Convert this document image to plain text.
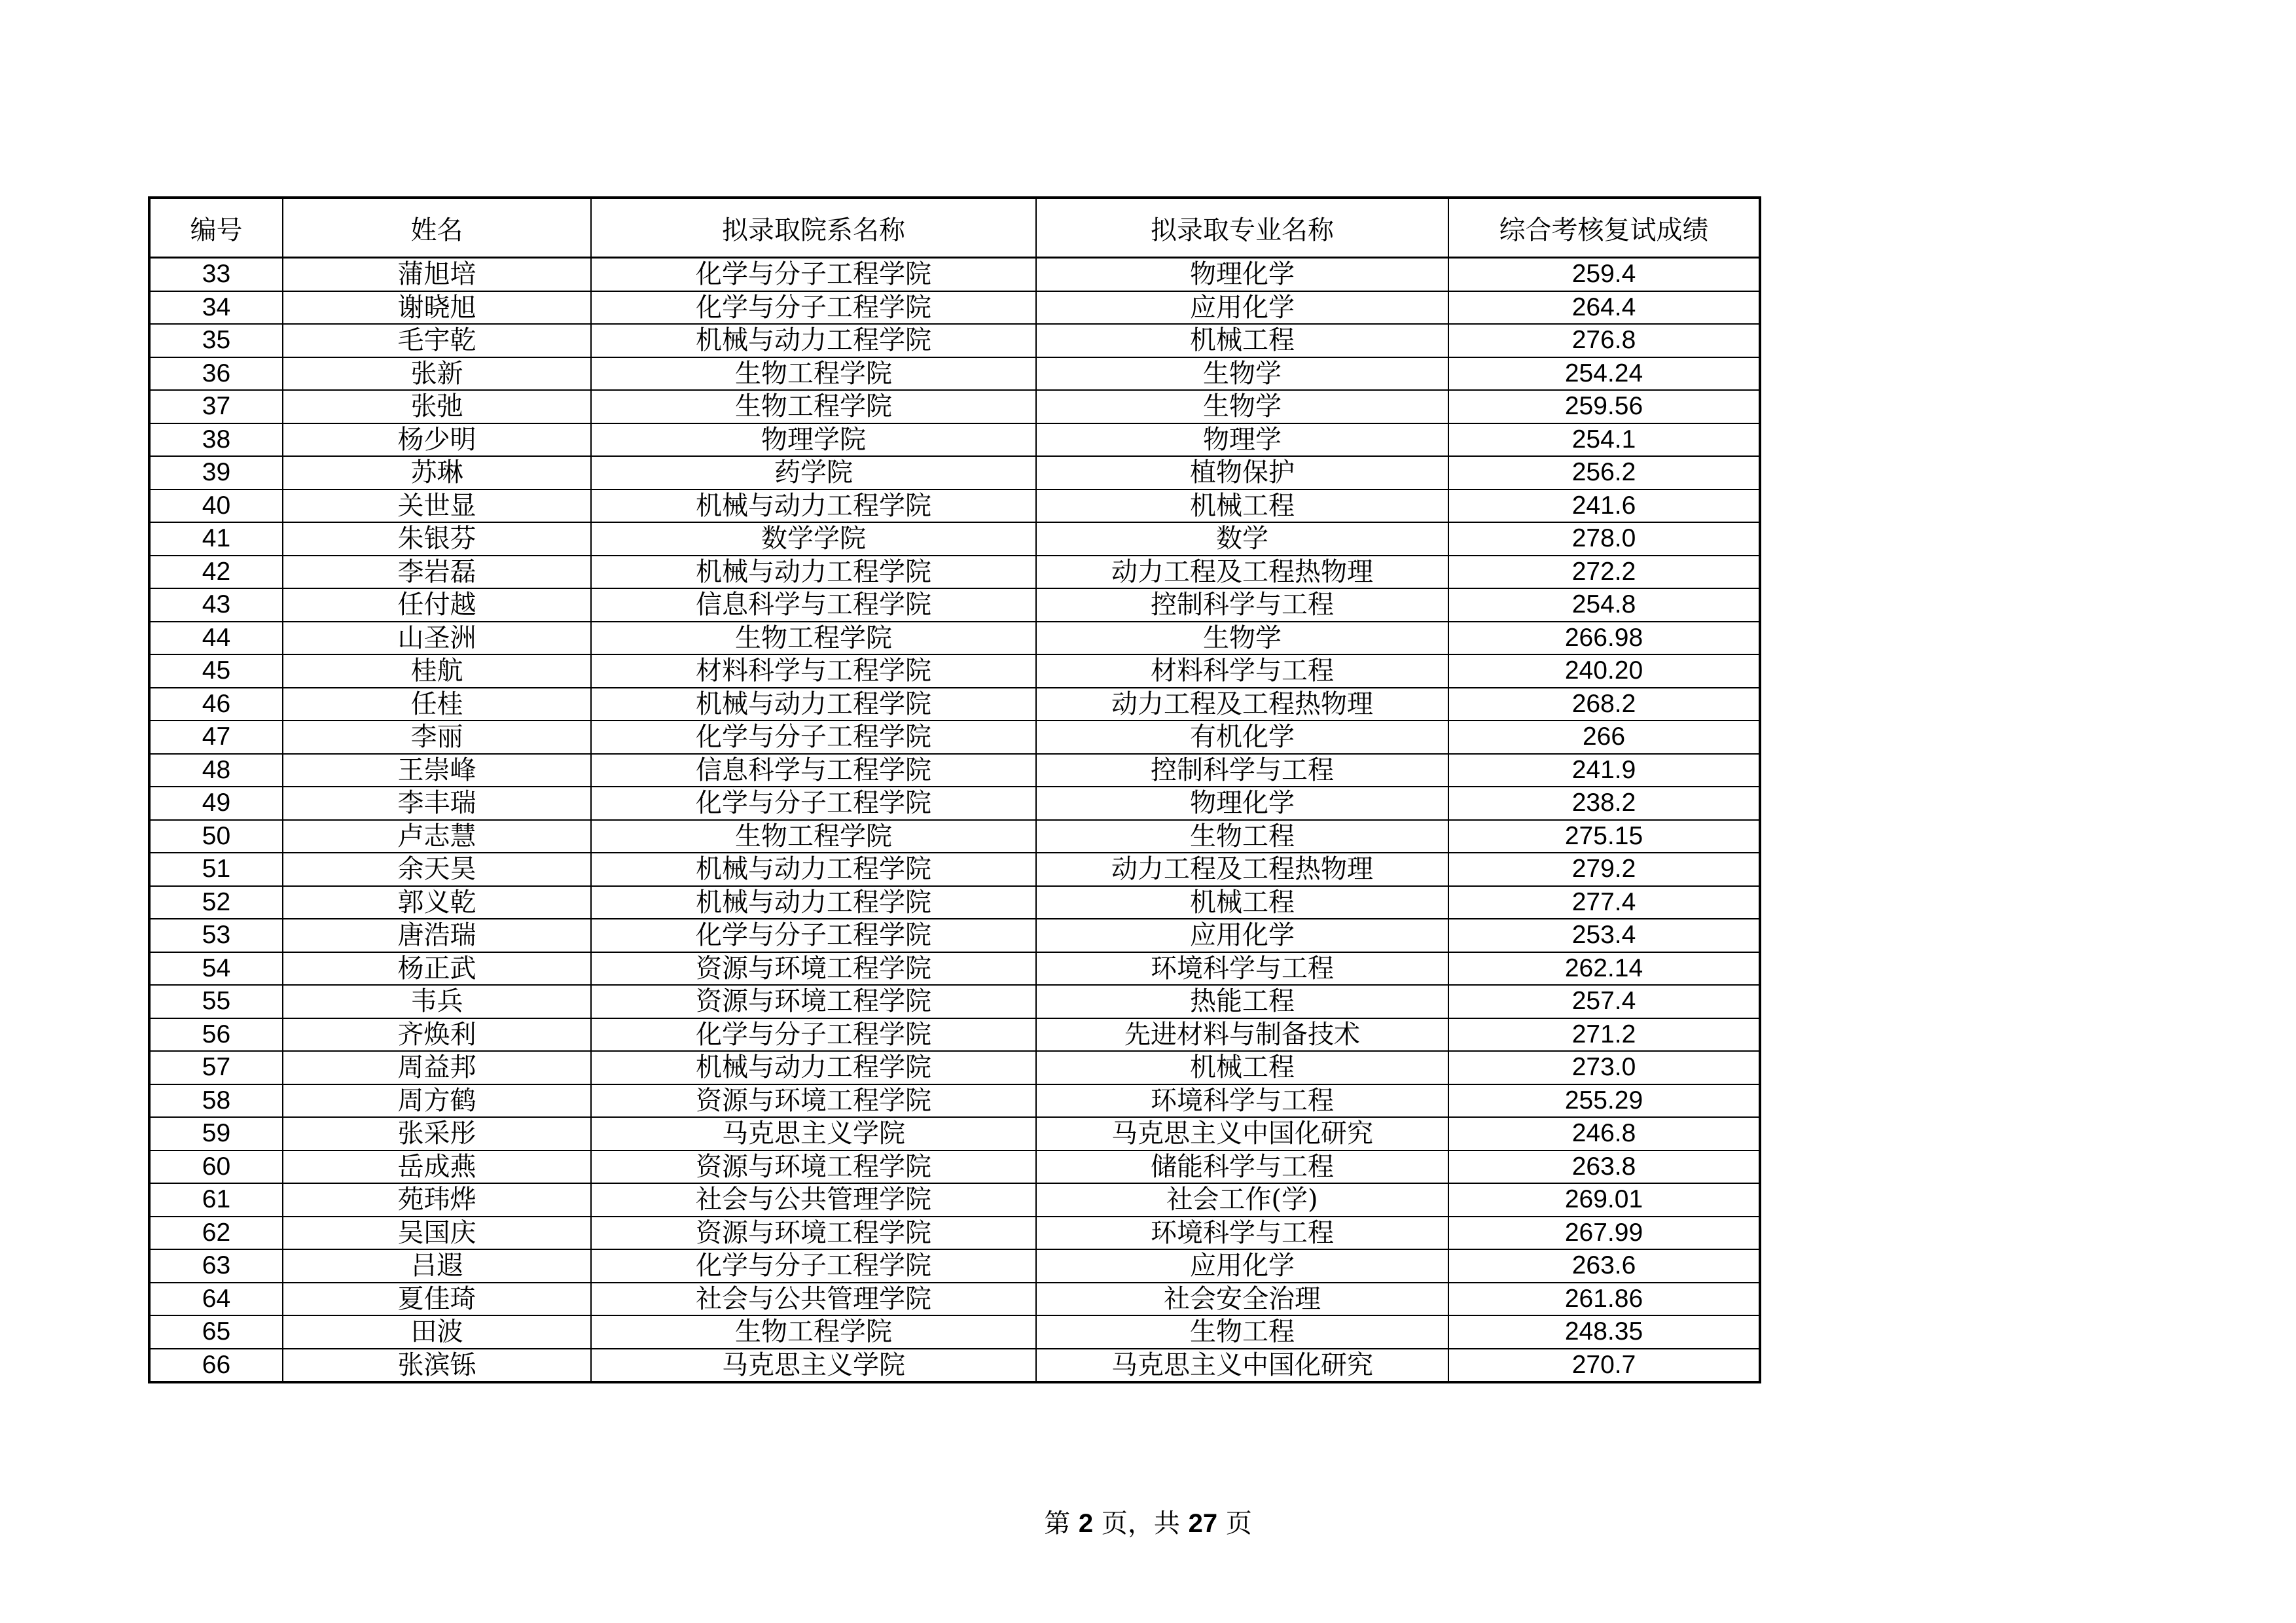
编号	姓名	拟录取院系名称	拟录取专业名称	综合考核复试成绩
33	蒲旭培	化学与分子工程学院	物理化学	259.4
34	谢晓旭	化学与分子工程学院	应用化学	264.4
35	毛宇乾	机械与动力工程学院	机械工程	276.8
36	张新	生物工程学院	生物学	254.24
37	张弛	生物工程学院	生物学	259.56
38	杨少明	物理学院	物理学	254.1
39	苏琳	药学院	植物保护	256.2
40	关世显	机械与动力工程学院	机械工程	241.6
41	朱银芬	数学学院	数学	278.0
42	李岩磊	机械与动力工程学院	动力工程及工程热物理	272.2
43	任付越	信息科学与工程学院	控制科学与工程	254.8
44	山圣洲	生物工程学院	生物学	266.98
45	桂航	材料科学与工程学院	材料科学与工程	240.20
46	任桂	机械与动力工程学院	动力工程及工程热物理	268.2
47	李丽	化学与分子工程学院	有机化学	266
48	王崇峰	信息科学与工程学院	控制科学与工程	241.9
49	李丰瑞	化学与分子工程学院	物理化学	238.2
50	卢志慧	生物工程学院	生物工程	275.15
51	余天昊	机械与动力工程学院	动力工程及工程热物理	279.2
52	郭义乾	机械与动力工程学院	机械工程	277.4
53	唐浩瑞	化学与分子工程学院	应用化学	253.4
54	杨正武	资源与环境工程学院	环境科学与工程	262.14
55	韦兵	资源与环境工程学院	热能工程	257.4
56	齐焕利	化学与分子工程学院	先进材料与制备技术	271.2
57	周益邦	机械与动力工程学院	机械工程	273.0
58	周方鹤	资源与环境工程学院	环境科学与工程	255.29
59	张采彤	马克思主义学院	马克思主义中国化研究	246.8
60	岳成燕	资源与环境工程学院	储能科学与工程	263.8
61	苑玮烨	社会与公共管理学院	社会工作(学)	269.01
62	吴国庆	资源与环境工程学院	环境科学与工程	267.99
63	吕遐	化学与分子工程学院	应用化学	263.6
64	夏佳琦	社会与公共管理学院	社会安全治理	261.86
65	田波	生物工程学院	生物工程	248.35
66	张滨铄	马克思主义学院	马克思主义中国化研究	270.7
第 2 页，共 27 页
